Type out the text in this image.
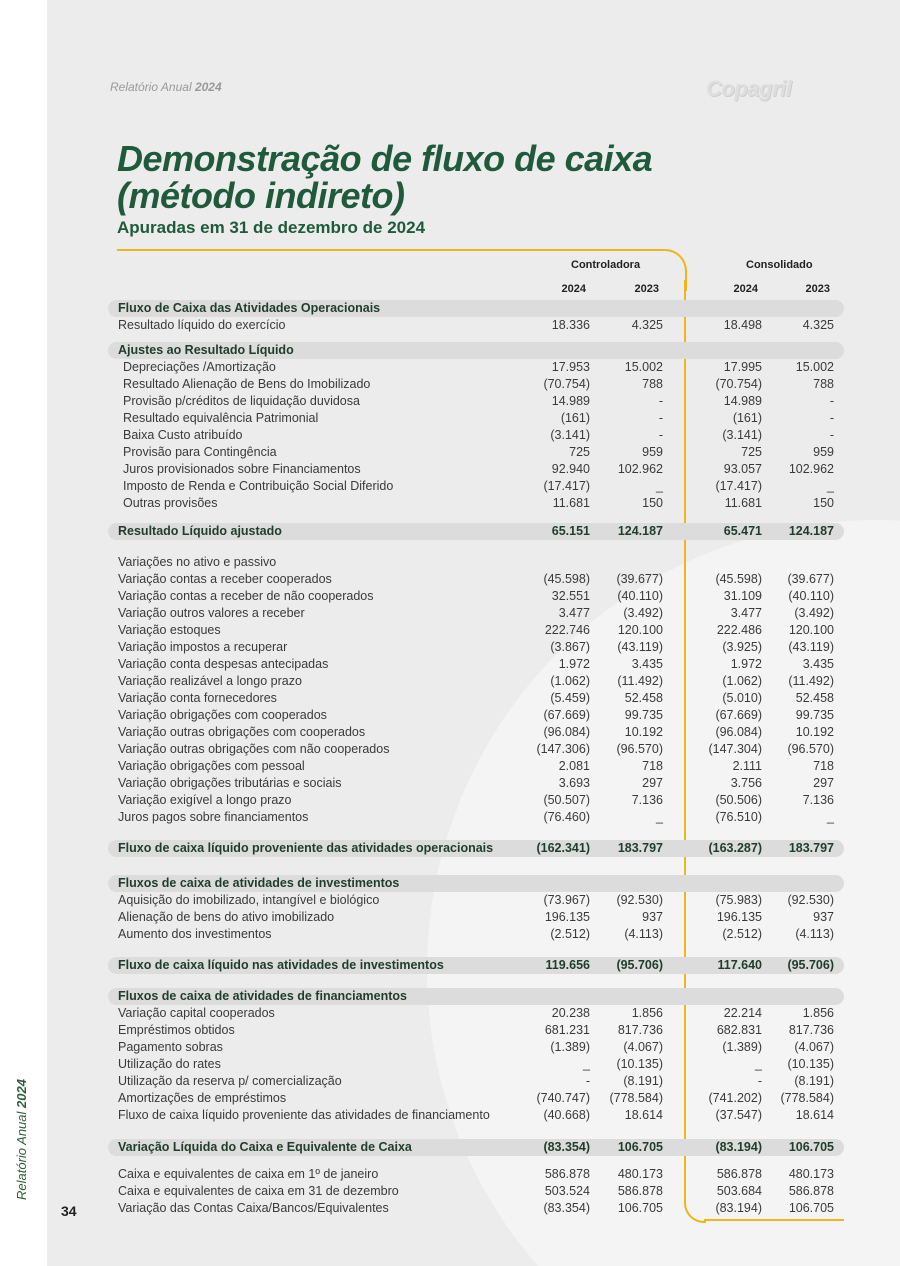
Relatório Anual 2024
34
Relatório Anual 2024	Copagril
Demonstração de fluxo de caixa (método indireto)
Apuradas em 31 de dezembro de 2024
Controladora	Consolidado
2024	2023	2024	2023
Fluxo de Caixa das Atividades Operacionais
Resultado líquido do exercício	18.336	4.325	18.498	4.325
Ajustes ao Resultado Líquido
Depreciações /Amortização	17.953	15.002	17.995	15.002
Resultado Alienação de Bens do Imobilizado	(70.754)	788	(70.754)	788
Provisão p/créditos de liquidação duvidosa	14.989	-	14.989	-
Resultado equivalência Patrimonial	(161)	-	(161)	-
Baixa Custo atribuído	(3.141)	-	(3.141)	-
Provisão para Contingência	725	959	725	959
Juros provisionados sobre Financiamentos	92.940	102.962	93.057	102.962
Imposto de Renda e Contribuição Social Diferido	(17.417)	_	(17.417)	_
Outras provisões	11.681	150	11.681	150
Resultado Líquido ajustado	65.151	124.187	65.471	124.187
Variações no ativo e passivo
Variação contas a receber cooperados	(45.598)	(39.677)	(45.598)	(39.677)
Variação contas a receber de não cooperados	32.551	(40.110)	31.109	(40.110)
Variação outros valores a receber	3.477	(3.492)	3.477	(3.492)
Variação estoques	222.746	120.100	222.486	120.100
Variação impostos a recuperar	(3.867)	(43.119)	(3.925)	(43.119)
Variação conta despesas antecipadas	1.972	3.435	1.972	3.435
Variação realizável a longo prazo	(1.062)	(11.492)	(1.062)	(11.492)
Variação conta fornecedores	(5.459)	52.458	(5.010)	52.458
Variação obrigações com cooperados	(67.669)	99.735	(67.669)	99.735
Variação outras obrigações com cooperados	(96.084)	10.192	(96.084)	10.192
Variação outras obrigações com não cooperados	(147.306)	(96.570)	(147.304)	(96.570)
Variação obrigações com pessoal	2.081	718	2.111	718
Variação obrigações tributárias e sociais	3.693	297	3.756	297
Variação exigível a longo prazo	(50.507)	7.136	(50.506)	7.136
Juros pagos sobre financiamentos	(76.460)	_	(76.510)	_
Fluxo de caixa líquido proveniente das atividades operacionais	(162.341)	183.797	(163.287)	183.797
Fluxos de caixa de atividades de investimentos
Aquisição do imobilizado, intangível e biológico	(73.967)	(92.530)	(75.983)	(92.530)
Alienação de bens do ativo imobilizado	196.135	937	196.135	937
Aumento dos investimentos	(2.512)	(4.113)	(2.512)	(4.113)
Fluxo de caixa líquido nas atividades de investimentos	119.656	(95.706)	117.640	(95.706)
Fluxos de caixa de atividades de financiamentos
Variação capital cooperados	20.238	1.856	22.214	1.856
Empréstimos obtidos	681.231	817.736	682.831	817.736
Pagamento sobras	(1.389)	(4.067)	(1.389)	(4.067)
Utilização do rates	_	(10.135)	_	(10.135)
Utilização da reserva p/ comercialização	-	(8.191)	-	(8.191)
Amortizações de empréstimos	(740.747)	(778.584)	(741.202)	(778.584)
Fluxo de caixa líquido proveniente das atividades de financiamento	(40.668)	18.614	(37.547)	18.614
Variação Líquida do Caixa e Equivalente de Caixa	(83.354)	106.705	(83.194)	106.705
Caixa e equivalentes de caixa em 1º de janeiro	586.878	480.173	586.878	480.173
Caixa e equivalentes de caixa em 31 de dezembro	503.524	586.878	503.684	586.878
Variação das Contas Caixa/Bancos/Equivalentes	(83.354)	106.705	(83.194)	106.705
